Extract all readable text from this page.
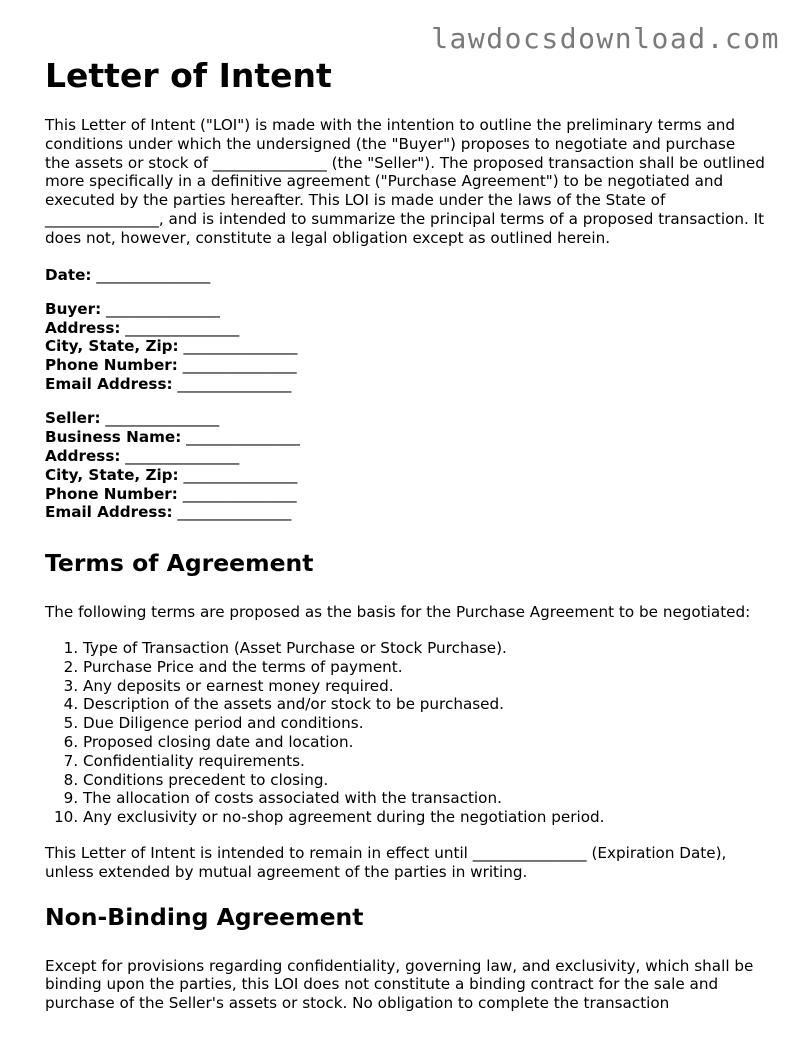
lawdocsdownload.com
Letter of Intent

This Letter of Intent ("LOI") is made with the intention to outline the preliminary terms and conditions under which the undersigned (the "Buyer") proposes to negotiate and purchase the assets or stock of _______________ (the "Seller"). The proposed transaction shall be outlined more specifically in a definitive agreement ("Purchase Agreement") to be negotiated and executed by the parties hereafter. This LOI is made under the laws of the State of _______________, and is intended to summarize the principal terms of a proposed transaction. It does not, however, constitute a legal obligation except as outlined herein.

Date: _______________
Buyer: _______________
Address: _______________
City, State, Zip: _______________
Phone Number: _______________
Email Address: _______________
Seller: _______________
Business Name: _______________
Address: _______________
City, State, Zip: _______________
Phone Number: _______________
Email Address: _______________
Terms of Agreement

The following terms are proposed as the basis for the Purchase Agreement to be negotiated:

1. Type of Transaction (Asset Purchase or Stock Purchase).
2. Purchase Price and the terms of payment.
3. Any deposits or earnest money required.
4. Description of the assets and/or stock to be purchased.
5. Due Diligence period and conditions.
6. Proposed closing date and location.
7. Confidentiality requirements.
8. Conditions precedent to closing.
9. The allocation of costs associated with the transaction.
10. Any exclusivity or no-shop agreement during the negotiation period.

This Letter of Intent is intended to remain in effect until _______________ (Expiration Date), unless extended by mutual agreement of the parties in writing.

Non-Binding Agreement

Except for provisions regarding confidentiality, governing law, and exclusivity, which shall be binding upon the parties, this LOI does not constitute a binding contract for the sale and purchase of the Seller's assets or stock. No obligation to complete the transaction
